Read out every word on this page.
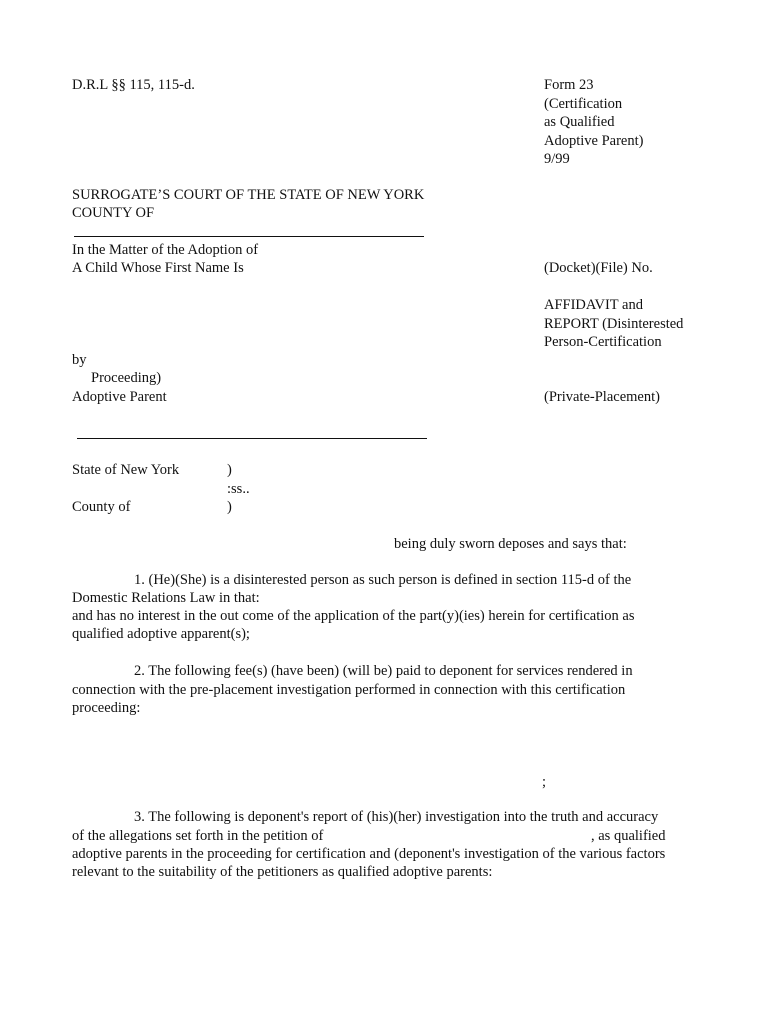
D.R.L §§ 115, 115-d.	Form 23
(Certification
as Qualified
Adoptive Parent)
9/99
SURROGATE’S COURT OF THE STATE OF NEW YORK
COUNTY OF
In the Matter of the Adoption of
A Child Whose First Name Is	(Docket)(File) No.
AFFIDAVIT and
REPORT (Disinterested
Person-Certification
by
Proceeding)
Adoptive Parent	(Private-Placement)
State of New York	)
:ss..
County of	)
being duly sworn deposes and says that:
1. (He)(She) is a disinterested person as such person is defined in section 115-d of the
Domestic Relations Law in that:
and has no interest in the out come of the application of the part(y)(ies) herein for certification as
qualified adoptive apparent(s);
2. The following fee(s) (have been) (will be) paid to deponent for services rendered in
connection with the pre-placement investigation performed in connection with this certification
proceeding:
;
3. The following is deponent's report of (his)(her) investigation into the truth and accuracy
of the allegations set forth in the petition of	, as qualified
adoptive parents in the proceeding for certification and (deponent's investigation of the various factors
relevant to the suitability of the petitioners as qualified adoptive parents:
